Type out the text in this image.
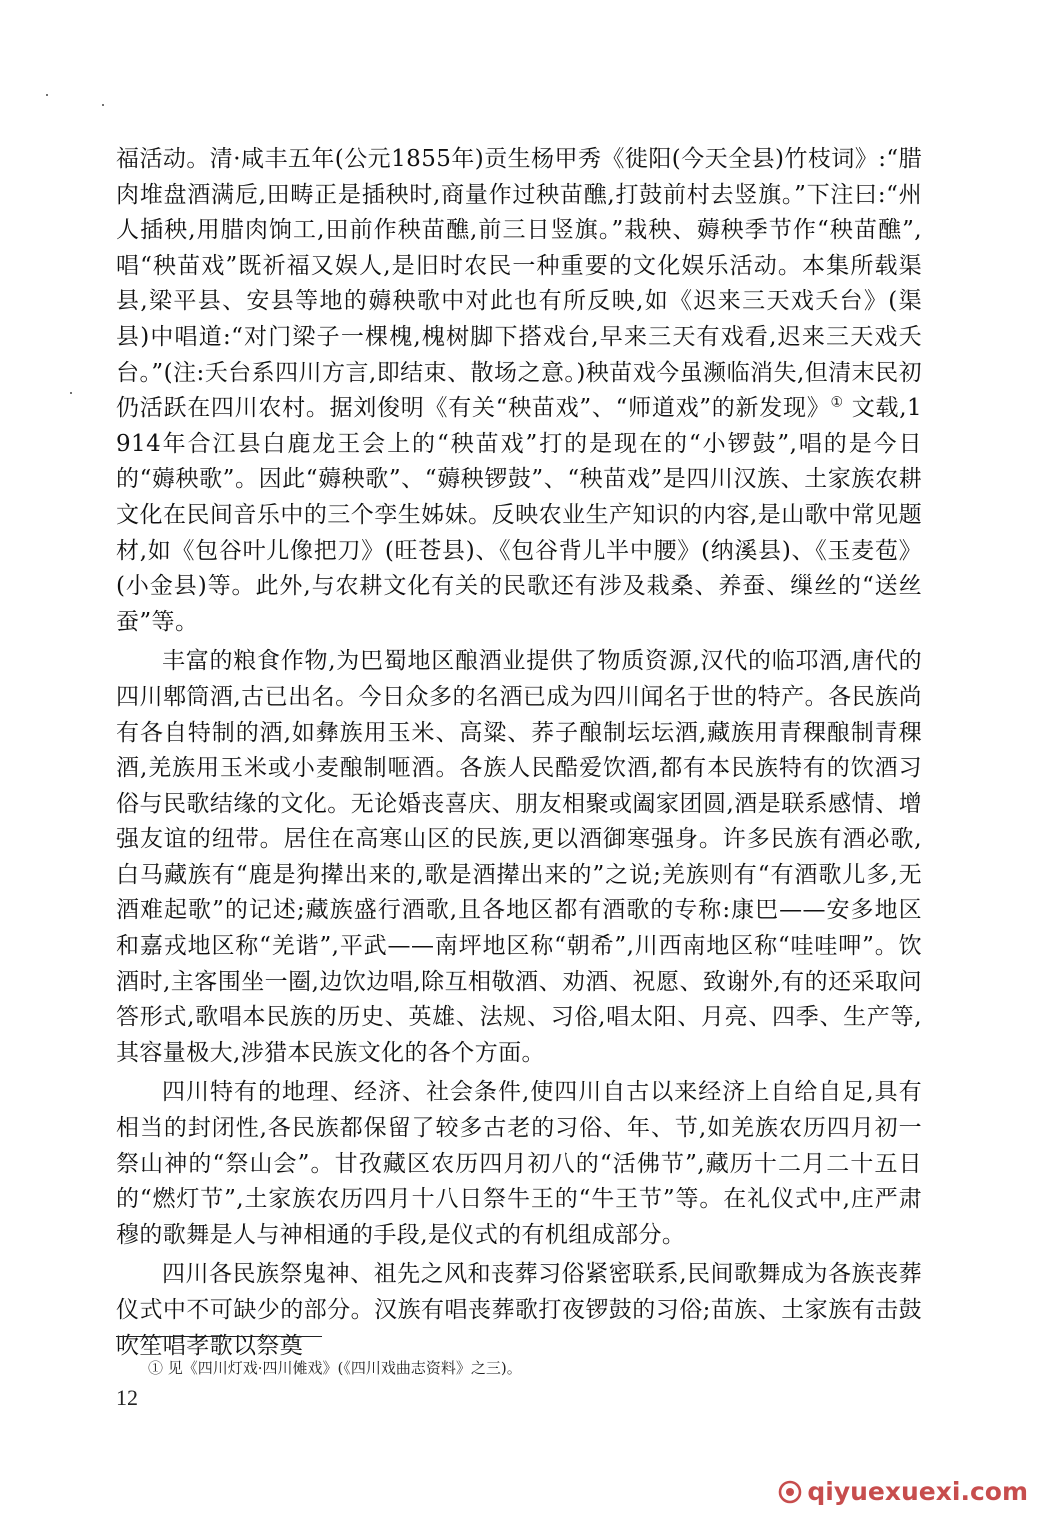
福活动。清·咸丰五年(公元1855年)贡生杨甲秀《徙阳(今天全县)竹枝词》:“腊肉堆盘酒满卮,田畴正是插秧时,商量作过秧苗醮,打鼓前村去竖旗。”下注曰:“州人插秧,用腊肉饷工,田前作秧苗醮,前三日竖旗。”栽秧、薅秧季节作“秧苗醮”,唱“秧苗戏”既祈福又娱人,是旧时农民一种重要的文化娱乐活动。本集所载渠县,梁平县、安县等地的薅秧歌中对此也有所反映,如《迟来三天戏夭台》(渠县)中唱道:“对门梁子一棵槐,槐树脚下搭戏台,早来三天有戏看,迟来三天戏夭台。”(注:夭台系四川方言,即结束、散场之意。)秧苗戏今虽濒临消失,但清末民初仍活跃在四川农村。据刘俊明《有关“秧苗戏”、“师道戏”的新发现》① 文载,1914年合江县白鹿龙王会上的“秧苗戏”打的是现在的“小锣鼓”,唱的是今日的“薅秧歌”。因此“薅秧歌”、“薅秧锣鼓”、“秧苗戏”是四川汉族、土家族农耕文化在民间音乐中的三个孪生姊妹。反映农业生产知识的内容,是山歌中常见题材,如《包谷叶儿像把刀》(旺苍县)、《包谷背儿半中腰》(纳溪县)、《玉麦苞》(小金县)等。此外,与农耕文化有关的民歌还有涉及栽桑、养蚕、缫丝的“送丝蚕”等。

丰富的粮食作物,为巴蜀地区酿酒业提供了物质资源,汉代的临邛酒,唐代的四川郫筒酒,古已出名。今日众多的名酒已成为四川闻名于世的特产。各民族尚有各自特制的酒,如彝族用玉米、高粱、荞子酿制坛坛酒,藏族用青稞酿制青稞酒,羌族用玉米或小麦酿制咂酒。各族人民酷爱饮酒,都有本民族特有的饮酒习俗与民歌结缘的文化。无论婚丧喜庆、朋友相聚或阖家团圆,酒是联系感情、增强友谊的纽带。居住在高寒山区的民族,更以酒御寒强身。许多民族有酒必歌,白马藏族有“鹿是狗撵出来的,歌是酒撵出来的”之说;羌族则有“有酒歌儿多,无酒难起歌”的记述;藏族盛行酒歌,且各地区都有酒歌的专称:康巴——安多地区和嘉戎地区称“羌谐”,平武——南坪地区称“朝希”,川西南地区称“哇哇呷”。饮酒时,主客围坐一圈,边饮边唱,除互相敬酒、劝酒、祝愿、致谢外,有的还采取问答形式,歌唱本民族的历史、英雄、法规、习俗,唱太阳、月亮、四季、生产等,其容量极大,涉猎本民族文化的各个方面。

四川特有的地理、经济、社会条件,使四川自古以来经济上自给自足,具有相当的封闭性,各民族都保留了较多古老的习俗、年、节,如羌族农历四月初一祭山神的“祭山会”。甘孜藏区农历四月初八的“活佛节”,藏历十二月二十五日的“燃灯节”,土家族农历四月十八日祭牛王的“牛王节”等。在礼仪式中,庄严肃穆的歌舞是人与神相通的手段,是仪式的有机组成部分。

四川各民族祭鬼神、祖先之风和丧葬习俗紧密联系,民间歌舞成为各族丧葬仪式中不可缺少的部分。汉族有唱丧葬歌打夜锣鼓的习俗;苗族、土家族有击鼓吹笙唱孝歌以祭奠

① 见《四川灯戏·四川傩戏》(《四川戏曲志资料》之三)。
12
qiyuexuexi.com
